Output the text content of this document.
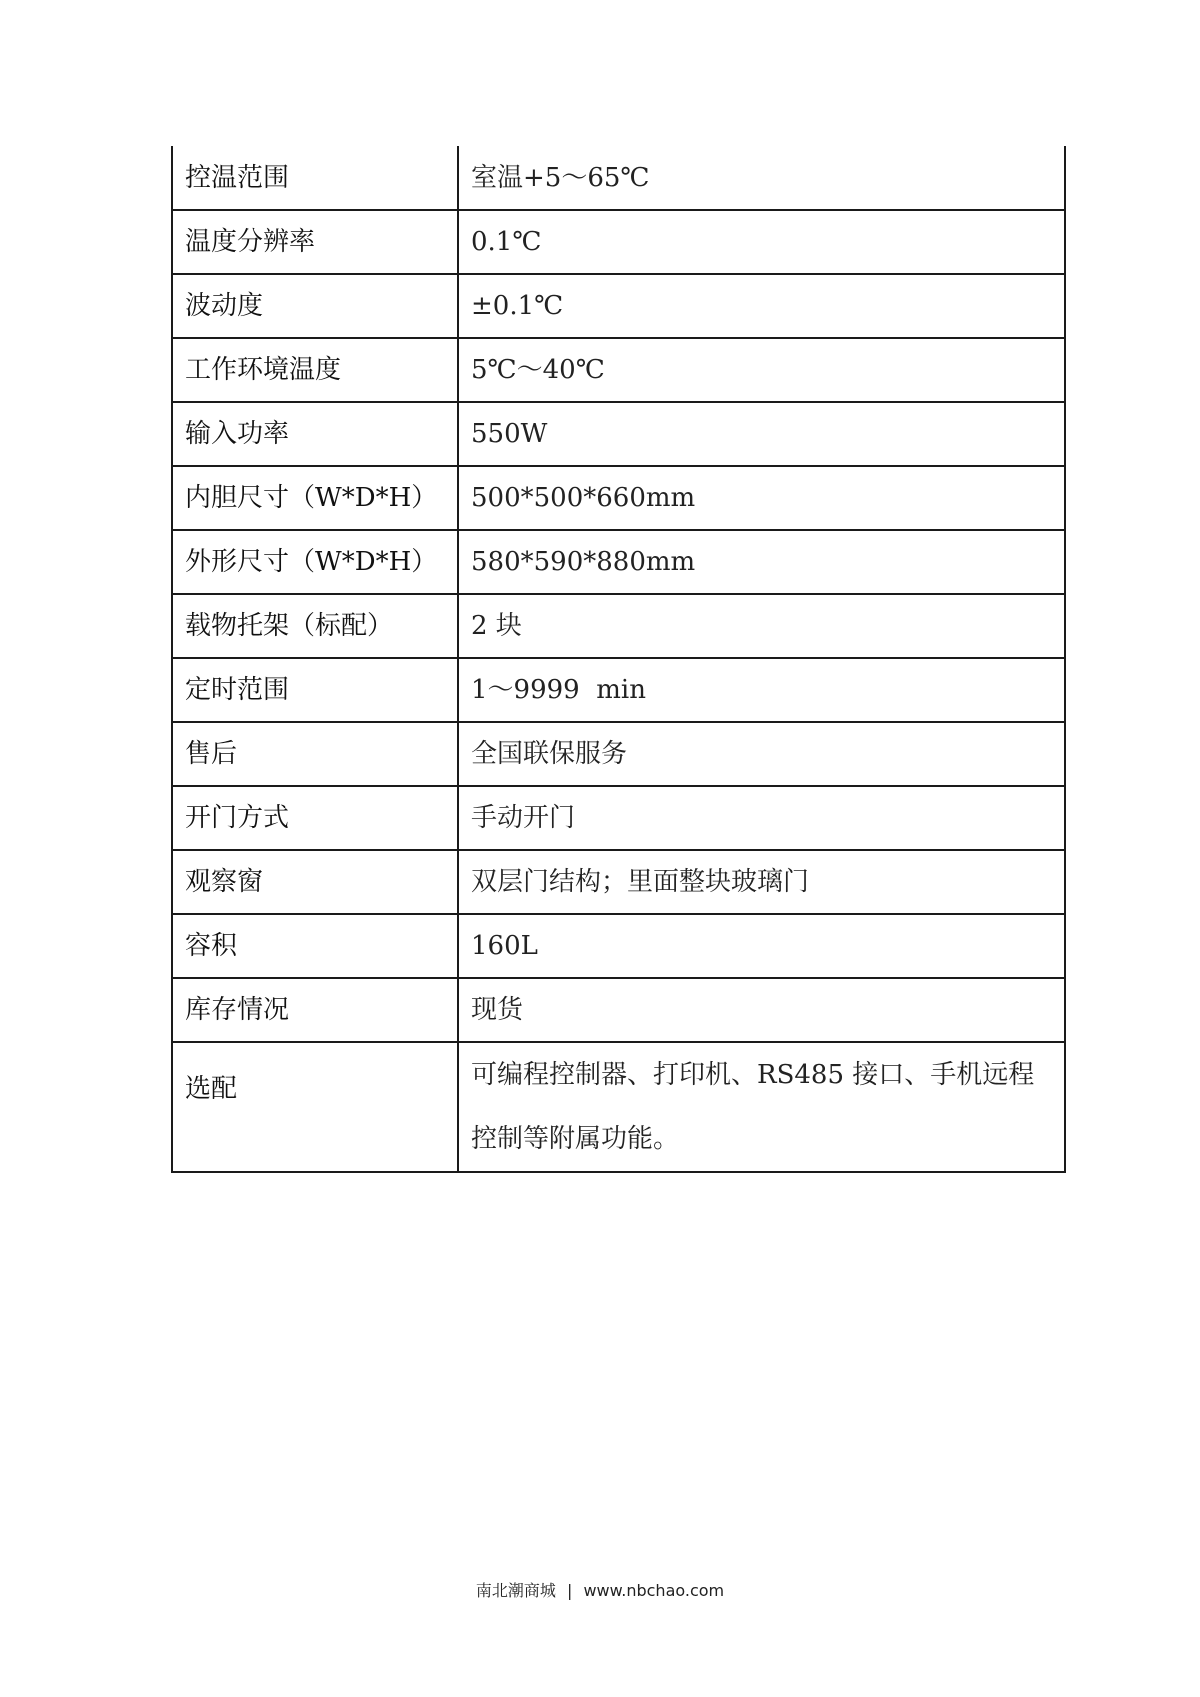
控温范围	室温+5～65℃
温度分辨率	0.1℃
波动度	±0.1℃
工作环境温度	5℃～40℃
输入功率	550W
内胆尺寸（W*D*H）	500*500*660mm
外形尺寸（W*D*H）	580*590*880mm
载物托架（标配）	2 块
定时范围	1～9999  min
售后	全国联保服务
开门方式	手动开门
观察窗	双层门结构；里面整块玻璃门
容积	160L
库存情况	现货
选配	可编程控制器、打印机、RS485 接口、手机远程控制等附属功能。
南北潮商城 | www.nbchao.com
